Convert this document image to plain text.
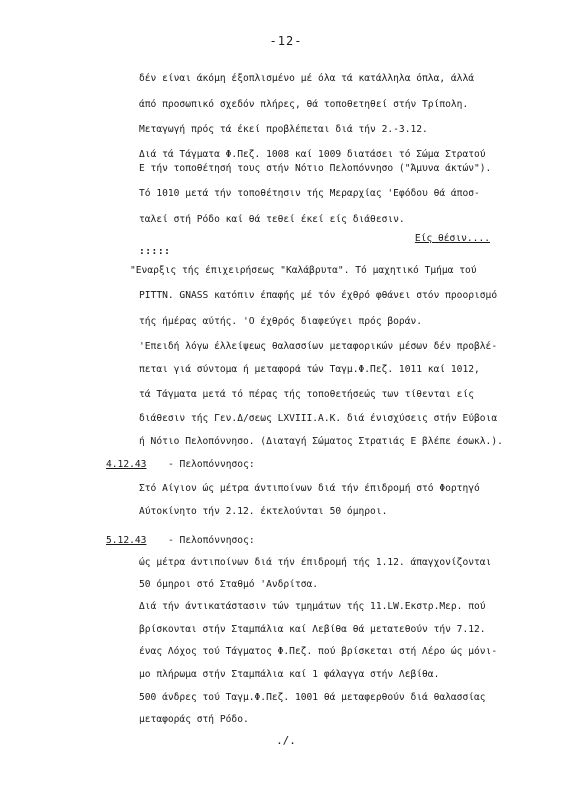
-12-
δέν είναι άκόμη έξοπλισμένο μέ όλα τά κατάλληλα όπλα, άλλά
άπό προσωπικό σχεδόν πλήρες, θά τοποθετηθεί στήν Τρίπολη.
Μεταγωγή πρός τά έκεί προβλέπεται διά τήν 2.-3.12.
Διά τά Τάγματα Φ.Πεζ. 1008 καί 1009 διατάσει τό Σώμα Στρατού
Ε τήν τοποθέτησή τους στήν Νότιο Πελοπόννησο ("Άμυνα άκτών").
Τό 1010 μετά τήν τοποθέτησιν τής Μεραρχίας 'Εφόδου θά άποσ-
ταλεί στή Ρόδο καί θά τεθεί έκεί είς διάθεσιν.
Είς θέσιν....
:::::
"Εναρξις τής έπιχειρήσεως "Καλάβρυτα". Τό μαχητικό Τμήμα τού
PITTN. GNASS κατόπιν έπαφής μέ τόν έχθρό φθάνει στόν προορισμό
τής ήμέρας αύτής. 'Ο έχθρός διαφεύγει πρός βοράν.
'Επειδή λόγω έλλείψεως θαλασσίων μεταφορικών μέσων δέν προβλέ-
πεται γιά σύντομα ή μεταφορά τών Ταγμ.Φ.Πεζ. 1011 καί 1012,
τά Τάγματα μετά τό πέρας τής τοποθετήσεώς των τίθενται είς
διάθεσιν τής Γεν.Δ/σεως LXVIII.A.K. διά ένισχύσεις στήν Εύβοια
ή Νότιο Πελοπόννησο. (Διαταγή Σώματος Στρατιάς Ε βλέπε έσωκλ.).
4.12.43 - Πελοπόννησος:
Στό Αίγιον ώς μέτρα άντιποίνων διά τήν έπιδρομή στό Φορτηγό
Αύτοκίνητο τήν 2.12. έκτελούνται 50 όμηροι.
5.12.43 - Πελοπόννησος:
ώς μέτρα άντιποίνων διά τήν έπιδρομή τής 1.12. άπαγχονίζονται
50 όμηροι στό Σταθμό 'Ανδρίτσα.
Διά τήν άντικατάστασιν τών τμημάτων τής 11.LW.Εκστρ.Μερ. πού
βρίσκονται στήν Σταμπάλια καί Λεβίθα θά μετατεθούν τήν 7.12.
ένας Λόχος τού Τάγματος Φ.Πεζ. πού βρίσκεται στή Λέρο ώς μόνι-
μο πλήρωμα στήν Σταμπάλια καί 1 φάλαγγα στήν Λεβίθα.
500 άνδρες τού Ταγμ.Φ.Πεζ. 1001 θά μεταφερθούν διά θαλασσίας
μεταφοράς στή Ρόδο.
./.
